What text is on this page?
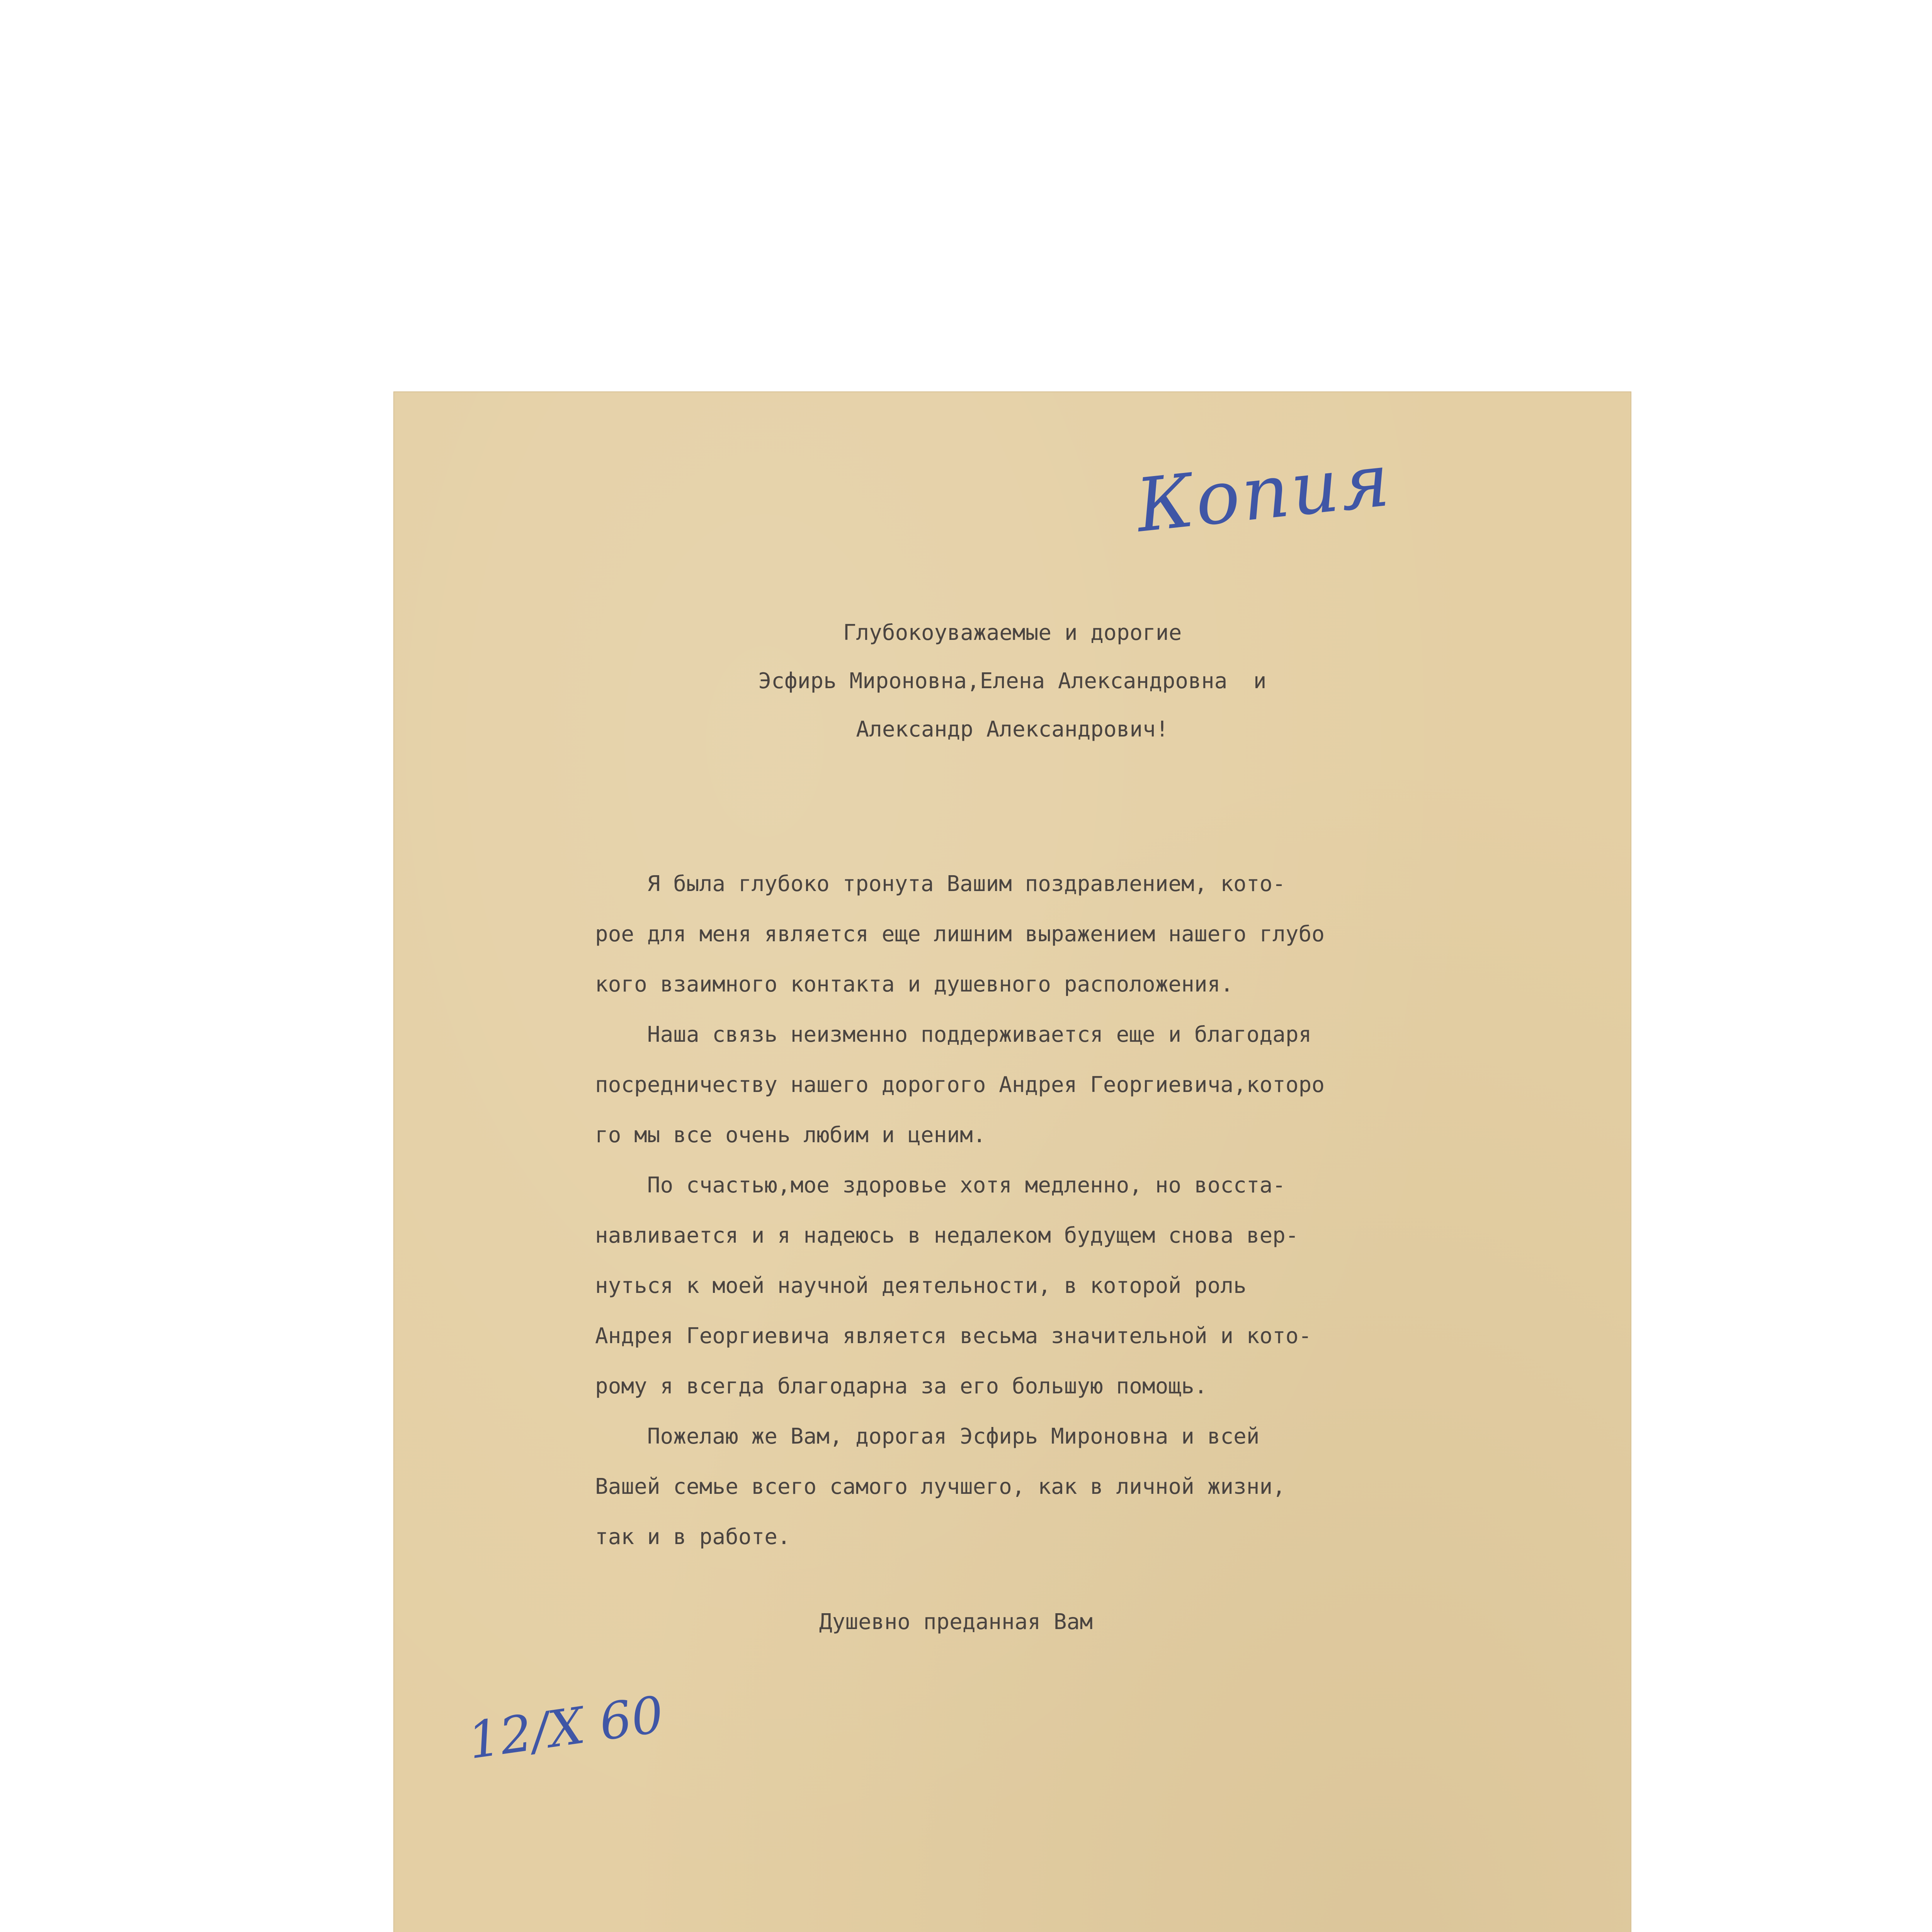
Копия

Глубокоуважаемые и дорогие

Эсфирь Мироновна,Елена Александровна  и

Александр Александрович!

Я была глубоко тронута Вашим поздравлением, кото-

рое для меня является еще лишним выражением нашего глубо

кого взаимного контакта и душевного расположения.

Наша связь неизменно поддерживается еще и благодаря

посредничеству нашего дорогого Андрея Георгиевича,которо

го мы все очень любим и ценим.

По счастью,мое здоровье хотя медленно, но восста-

навливается и я надеюсь в недалеком будущем снова вер-

нуться к моей научной деятельности, в которой роль

Андрея Георгиевича является весьма значительной и кото-

рому я всегда благодарна за его большую помощь.

Пожелаю же Вам, дорогая Эсфирь Мироновна и всей

Вашей семье всего самого лучшего, как в личной жизни,

так и в работе.

Душевно преданная Вам

12/X 60
